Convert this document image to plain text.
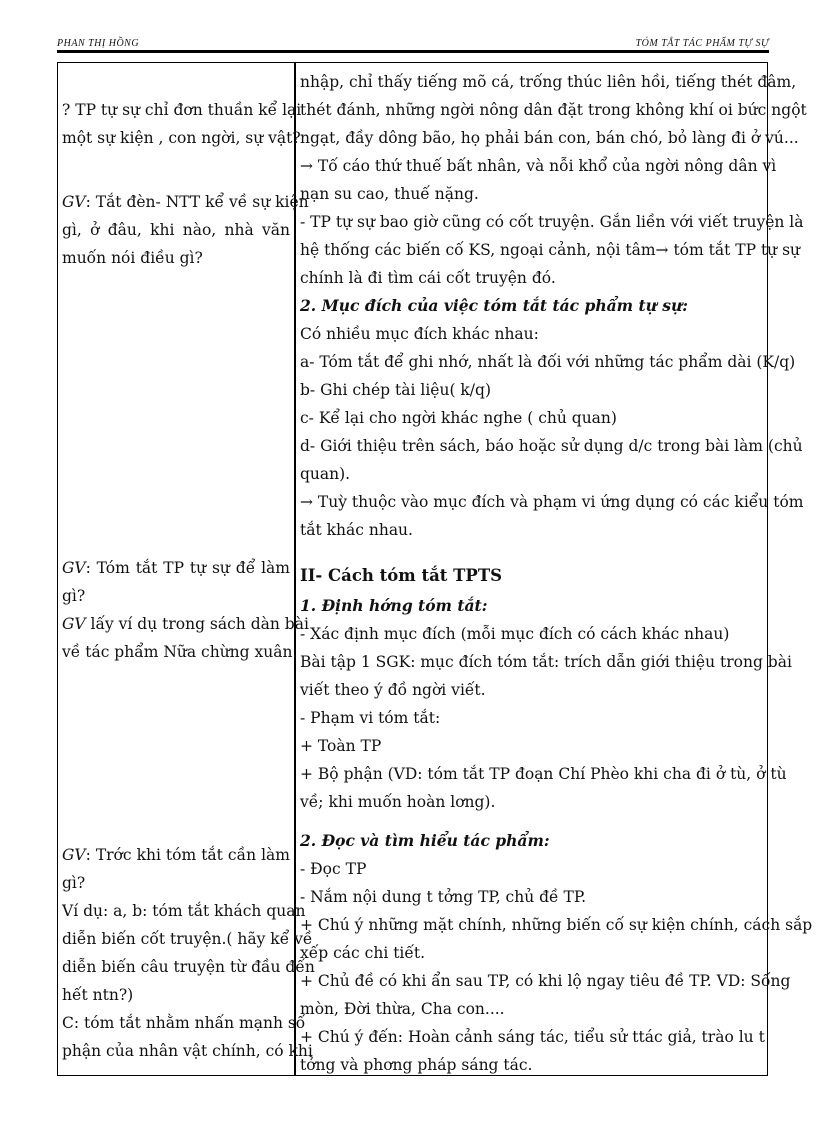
PHAN THỊ HỒNG	TÓM TẮT TÁC PHẨM TỰ SỰ
? TP tự sự chỉ đơn thuần kể lại
một sự kiện , con ngời, sự vật?
GV: Tắt đèn- NTT kể về sự kiện
gì, ở đâu, khi nào, nhà văn
muốn nói điều gì?
GV: Tóm tắt TP tự sự để làm
gì?
GV lấy ví dụ trong sách dàn bài
về tác phẩm Nữa chừng xuân.
GV: Trớc khi tóm tắt cần làm
gì?
Ví dụ: a, b: tóm tắt khách quan
diễn biến cốt truyện.( hãy kể về
diễn biến câu truyện từ đầu đến
hết ntn?)
C: tóm tắt nhằm nhấn mạnh số
phận của nhân vật chính, có khi
nhập, chỉ thấy tiếng mõ cá, trống thúc liên hồi, tiếng thét đâm,
thét đánh, những ngời nông dân đặt trong không khí oi bức ngột
ngạt, đầy dông bão, họ phải bán con, bán chó, bỏ làng đi ở vú...
→ Tố cáo thứ thuế bất nhân, và nỗi khổ của ngời nông dân vì
nạn su cao, thuế nặng.
- TP tự sự bao giờ cũng có cốt truyện. Gắn liền với viết truyện là
hệ thống các biến cố KS, ngoại cảnh, nội tâm→ tóm tắt TP tự sự
chính là đi tìm cái cốt truyện đó.
2. Mục đích của việc tóm tắt tác phẩm tự sự:
Có nhiều mục đích khác nhau:
a- Tóm tắt để ghi nhớ, nhất là đối với những tác phẩm dài (K/q)
b- Ghi chép tài liệu( k/q)
c- Kể lại cho ngời khác nghe ( chủ quan)
d- Giới thiệu trên sách, báo hoặc sử dụng d/c trong bài làm (chủ
quan).
→ Tuỳ thuộc vào mục đích và phạm vi ứng dụng có các kiểu tóm
tắt khác nhau.
II- Cách tóm tắt TPTS
1. Định hớng tóm tắt:
- Xác định mục đích (mỗi mục đích có cách khác nhau)
Bài tập 1 SGK: mục đích tóm tắt: trích dẫn giới thiệu trong bài
viết theo ý đồ ngời viết.
- Phạm vi tóm tắt:
+ Toàn TP
+ Bộ phận (VD: tóm tắt TP đoạn Chí Phèo khi cha đi ở tù, ở tù
về; khi muốn hoàn lơng).
2. Đọc và tìm hiểu tác phẩm:
- Đọc TP
- Nắm nội dung t tởng TP, chủ đề TP.
+ Chú ý những mặt chính, những biến cố sự kiện chính, cách sắp
xếp các chi tiết.
+ Chủ đề có khi ẩn sau TP, có khi lộ ngay tiêu đề TP. VD: Sống
mòn, Đời thừa, Cha con....
+ Chú ý đến: Hoàn cảnh sáng tác, tiểu sử ttác giả, trào lu t
tởng và phơng pháp sáng tác.
